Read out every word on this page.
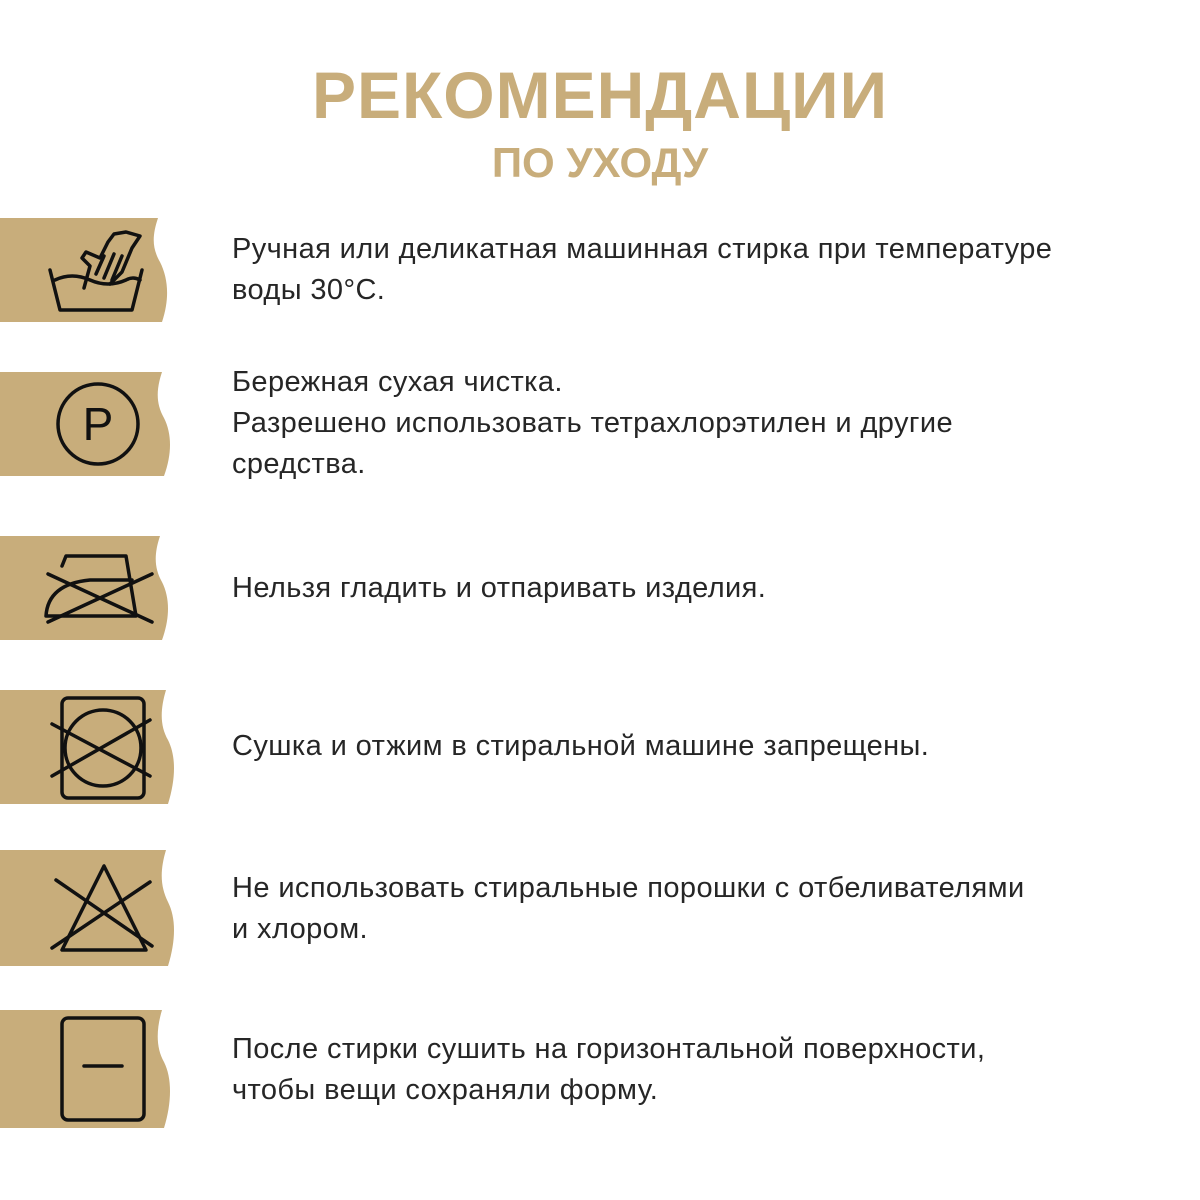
РЕКОМЕНДАЦИИ
ПО УХОДУ
Ручная или деликатная машинная стирка при температуре
воды 30°C.
P
Бережная сухая чистка.
Разрешено использовать тетрахлорэтилен и другие
средства.
Нельзя гладить и отпаривать изделия.
Сушка и отжим в стиральной машине запрещены.
Не использовать стиральные порошки с отбеливателями
и хлором.
После стирки сушить на горизонтальной поверхности,
чтобы вещи сохраняли форму.
